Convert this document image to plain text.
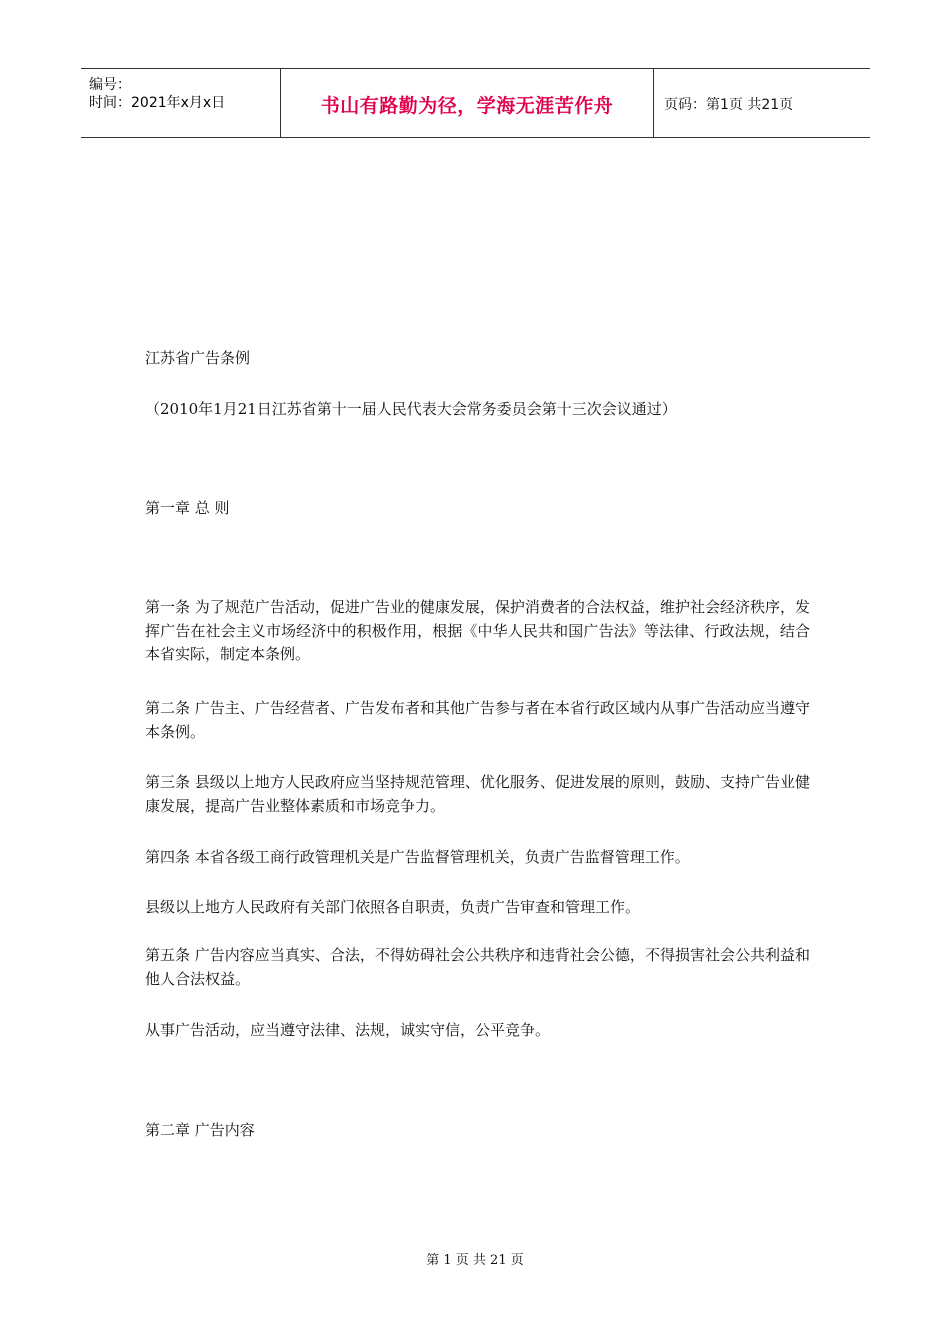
编号：
时间：2021年x月x日	书山有路勤为径，学海无涯苦作舟	页码：第1页 共21页

江苏省广告条例

（2010年1月21日江苏省第十一届人民代表大会常务委员会第十三次会议通过）

第一章 总 则

第一条 为了规范广告活动，促进广告业的健康发展，保护消费者的合法权益，维护社会经济秩序，发挥广告在社会主义市场经济中的积极作用，根据《中华人民共和国广告法》等法律、行政法规，结合本省实际，制定本条例。

第二条 广告主、广告经营者、广告发布者和其他广告参与者在本省行政区域内从事广告活动应当遵守本条例。

第三条 县级以上地方人民政府应当坚持规范管理、优化服务、促进发展的原则，鼓励、支持广告业健康发展，提高广告业整体素质和市场竞争力。

第四条 本省各级工商行政管理机关是广告监督管理机关，负责广告监督管理工作。

县级以上地方人民政府有关部门依照各自职责，负责广告审查和管理工作。

第五条 广告内容应当真实、合法，不得妨碍社会公共秩序和违背社会公德，不得损害社会公共利益和他人合法权益。

从事广告活动，应当遵守法律、法规，诚实守信，公平竞争。

第二章 广告内容

第 1 页 共 21 页
